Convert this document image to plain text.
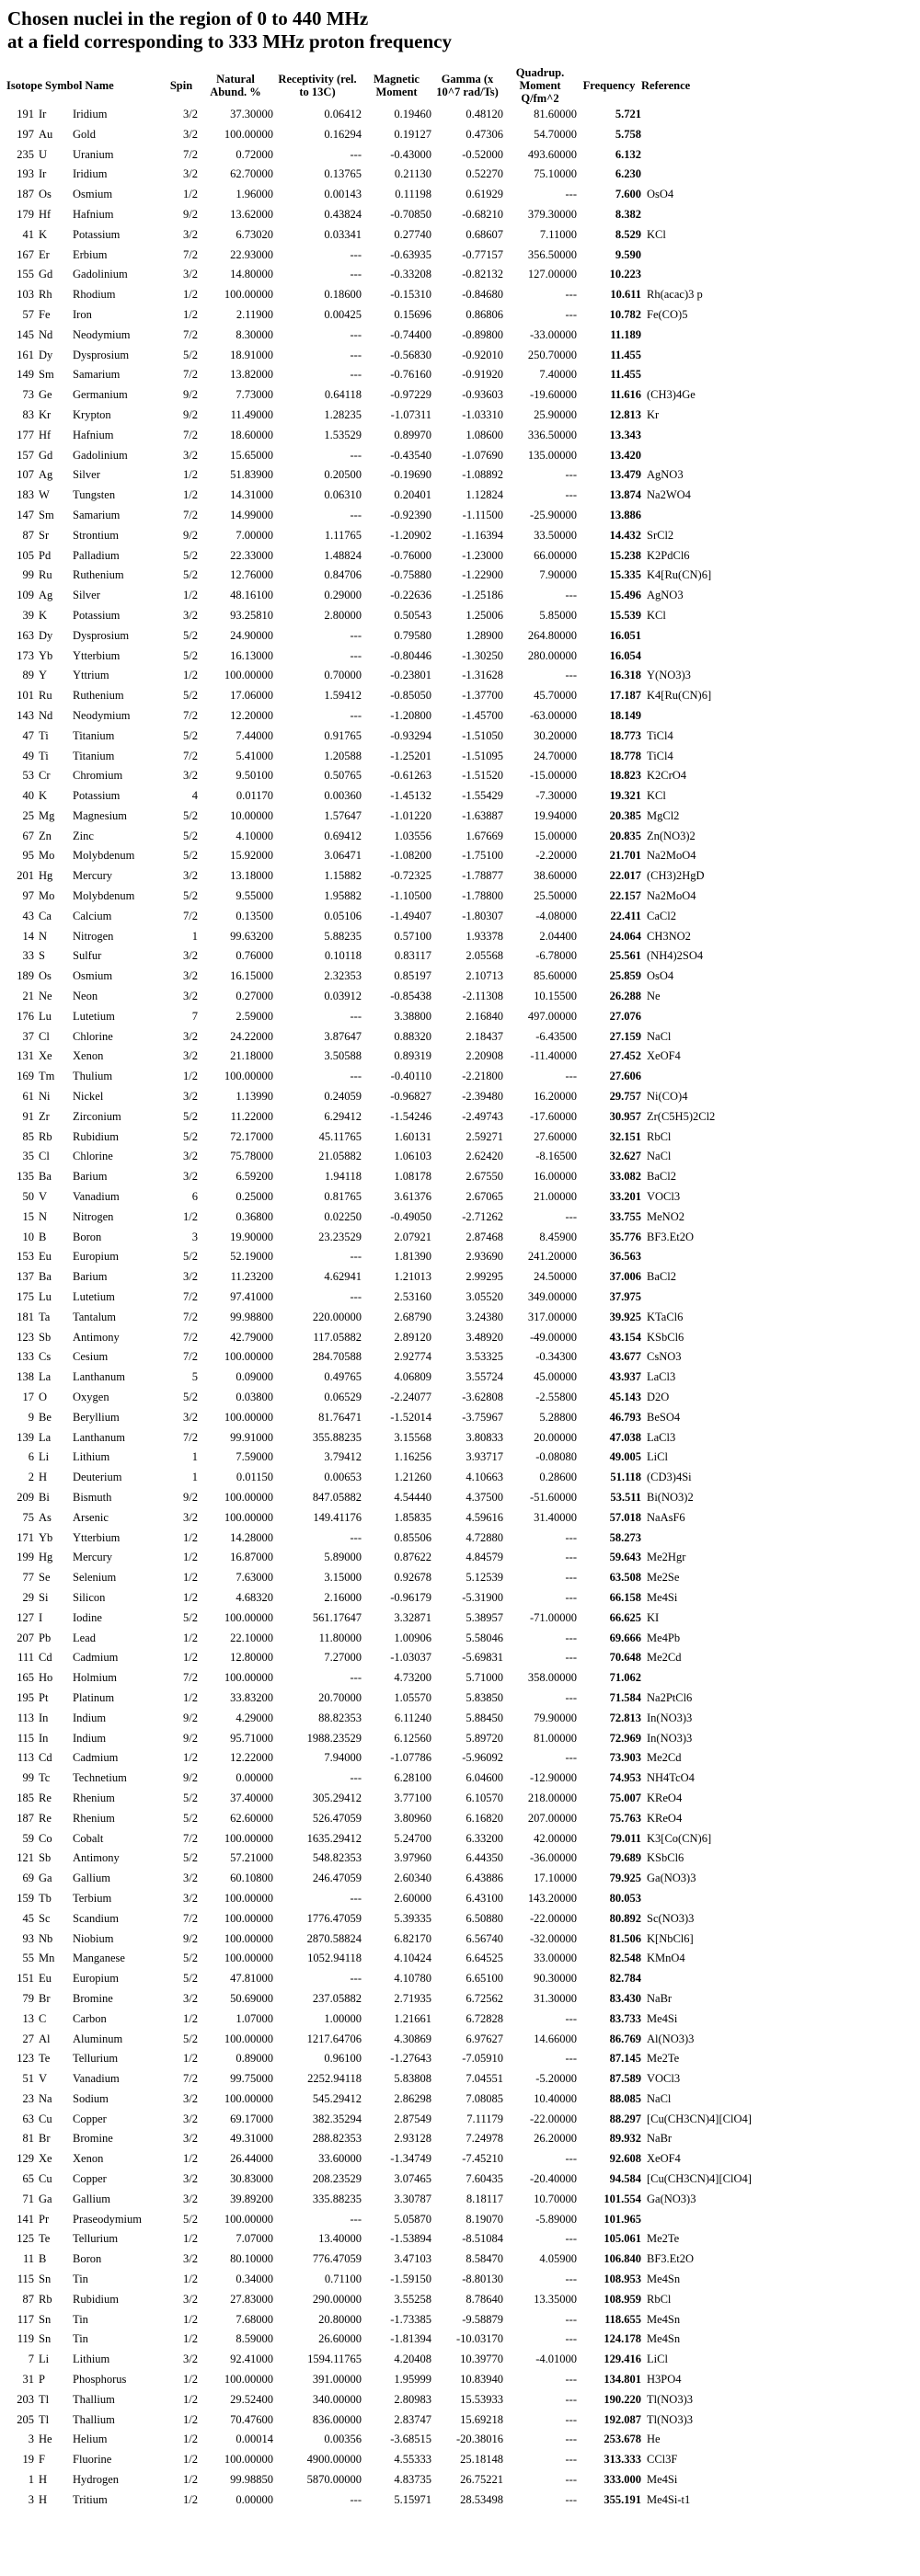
Chosen nuclei in the region of 0 to 440 MHz
at a field corresponding to 333 MHz proton frequency
Isotope Symbol Name		Spin	Natural Abund. %	Receptivity (rel. to 13C)	Magnetic Moment	Gamma (x 10^7 rad/Ts)	Quadrup. Moment Q/fm^2	Frequency	Reference
191 Ir	Iridium	3/2	37.30000	0.06412	0.19460	0.48120	81.60000	5.721	
197 Au	Gold	3/2	100.00000	0.16294	0.19127	0.47306	54.70000	5.758	
235 U	Uranium	7/2	0.72000	---	-0.43000	-0.52000	493.60000	6.132	
193 Ir	Iridium	3/2	62.70000	0.13765	0.21130	0.52270	75.10000	6.230	
187 Os	Osmium	1/2	1.96000	0.00143	0.11198	0.61929	---	7.600	OsO4
179 Hf	Hafnium	9/2	13.62000	0.43824	-0.70850	-0.68210	379.30000	8.382	
41 K	Potassium	3/2	6.73020	0.03341	0.27740	0.68607	7.11000	8.529	KCl
167 Er	Erbium	7/2	22.93000	---	-0.63935	-0.77157	356.50000	9.590	
155 Gd	Gadolinium	3/2	14.80000	---	-0.33208	-0.82132	127.00000	10.223	
103 Rh	Rhodium	1/2	100.00000	0.18600	-0.15310	-0.84680	---	10.611	Rh(acac)3 p
57 Fe	Iron	1/2	2.11900	0.00425	0.15696	0.86806	---	10.782	Fe(CO)5
145 Nd	Neodymium	7/2	8.30000	---	-0.74400	-0.89800	-33.00000	11.189	
161 Dy	Dysprosium	5/2	18.91000	---	-0.56830	-0.92010	250.70000	11.455	
149 Sm	Samarium	7/2	13.82000	---	-0.76160	-0.91920	7.40000	11.455	
73 Ge	Germanium	9/2	7.73000	0.64118	-0.97229	-0.93603	-19.60000	11.616	(CH3)4Ge
83 Kr	Krypton	9/2	11.49000	1.28235	-1.07311	-1.03310	25.90000	12.813	Kr
177 Hf	Hafnium	7/2	18.60000	1.53529	0.89970	1.08600	336.50000	13.343	
157 Gd	Gadolinium	3/2	15.65000	---	-0.43540	-1.07690	135.00000	13.420	
107 Ag	Silver	1/2	51.83900	0.20500	-0.19690	-1.08892	---	13.479	AgNO3
183 W	Tungsten	1/2	14.31000	0.06310	0.20401	1.12824	---	13.874	Na2WO4
147 Sm	Samarium	7/2	14.99000	---	-0.92390	-1.11500	-25.90000	13.886	
87 Sr	Strontium	9/2	7.00000	1.11765	-1.20902	-1.16394	33.50000	14.432	SrCl2
105 Pd	Palladium	5/2	22.33000	1.48824	-0.76000	-1.23000	66.00000	15.238	K2PdCl6
99 Ru	Ruthenium	5/2	12.76000	0.84706	-0.75880	-1.22900	7.90000	15.335	K4[Ru(CN)6]
109 Ag	Silver	1/2	48.16100	0.29000	-0.22636	-1.25186	---	15.496	AgNO3
39 K	Potassium	3/2	93.25810	2.80000	0.50543	1.25006	5.85000	15.539	KCl
163 Dy	Dysprosium	5/2	24.90000	---	0.79580	1.28900	264.80000	16.051	
173 Yb	Ytterbium	5/2	16.13000	---	-0.80446	-1.30250	280.00000	16.054	
89 Y	Yttrium	1/2	100.00000	0.70000	-0.23801	-1.31628	---	16.318	Y(NO3)3
101 Ru	Ruthenium	5/2	17.06000	1.59412	-0.85050	-1.37700	45.70000	17.187	K4[Ru(CN)6]
143 Nd	Neodymium	7/2	12.20000	---	-1.20800	-1.45700	-63.00000	18.149	
47 Ti	Titanium	5/2	7.44000	0.91765	-0.93294	-1.51050	30.20000	18.773	TiCl4
49 Ti	Titanium	7/2	5.41000	1.20588	-1.25201	-1.51095	24.70000	18.778	TiCl4
53 Cr	Chromium	3/2	9.50100	0.50765	-0.61263	-1.51520	-15.00000	18.823	K2CrO4
40 K	Potassium	4	0.01170	0.00360	-1.45132	-1.55429	-7.30000	19.321	KCl
25 Mg	Magnesium	5/2	10.00000	1.57647	-1.01220	-1.63887	19.94000	20.385	MgCl2
67 Zn	Zinc	5/2	4.10000	0.69412	1.03556	1.67669	15.00000	20.835	Zn(NO3)2
95 Mo	Molybdenum	5/2	15.92000	3.06471	-1.08200	-1.75100	-2.20000	21.701	Na2MoO4
201 Hg	Mercury	3/2	13.18000	1.15882	-0.72325	-1.78877	38.60000	22.017	(CH3)2HgD
97 Mo	Molybdenum	5/2	9.55000	1.95882	-1.10500	-1.78800	25.50000	22.157	Na2MoO4
43 Ca	Calcium	7/2	0.13500	0.05106	-1.49407	-1.80307	-4.08000	22.411	CaCl2
14 N	Nitrogen	1	99.63200	5.88235	0.57100	1.93378	2.04400	24.064	CH3NO2
33 S	Sulfur	3/2	0.76000	0.10118	0.83117	2.05568	-6.78000	25.561	(NH4)2SO4
189 Os	Osmium	3/2	16.15000	2.32353	0.85197	2.10713	85.60000	25.859	OsO4
21 Ne	Neon	3/2	0.27000	0.03912	-0.85438	-2.11308	10.15500	26.288	Ne
176 Lu	Lutetium	7	2.59000	---	3.38800	2.16840	497.00000	27.076	
37 Cl	Chlorine	3/2	24.22000	3.87647	0.88320	2.18437	-6.43500	27.159	NaCl
131 Xe	Xenon	3/2	21.18000	3.50588	0.89319	2.20908	-11.40000	27.452	XeOF4
169 Tm	Thulium	1/2	100.00000	---	-0.40110	-2.21800	---	27.606	
61 Ni	Nickel	3/2	1.13990	0.24059	-0.96827	-2.39480	16.20000	29.757	Ni(CO)4
91 Zr	Zirconium	5/2	11.22000	6.29412	-1.54246	-2.49743	-17.60000	30.957	Zr(C5H5)2Cl2
85 Rb	Rubidium	5/2	72.17000	45.11765	1.60131	2.59271	27.60000	32.151	RbCl
35 Cl	Chlorine	3/2	75.78000	21.05882	1.06103	2.62420	-8.16500	32.627	NaCl
135 Ba	Barium	3/2	6.59200	1.94118	1.08178	2.67550	16.00000	33.082	BaCl2
50 V	Vanadium	6	0.25000	0.81765	3.61376	2.67065	21.00000	33.201	VOCl3
15 N	Nitrogen	1/2	0.36800	0.02250	-0.49050	-2.71262	---	33.755	MeNO2
10 B	Boron	3	19.90000	23.23529	2.07921	2.87468	8.45900	35.776	BF3.Et2O
153 Eu	Europium	5/2	52.19000	---	1.81390	2.93690	241.20000	36.563	
137 Ba	Barium	3/2	11.23200	4.62941	1.21013	2.99295	24.50000	37.006	BaCl2
175 Lu	Lutetium	7/2	97.41000	---	2.53160	3.05520	349.00000	37.975	
181 Ta	Tantalum	7/2	99.98800	220.00000	2.68790	3.24380	317.00000	39.925	KTaCl6
123 Sb	Antimony	7/2	42.79000	117.05882	2.89120	3.48920	-49.00000	43.154	KSbCl6
133 Cs	Cesium	7/2	100.00000	284.70588	2.92774	3.53325	-0.34300	43.677	CsNO3
138 La	Lanthanum	5	0.09000	0.49765	4.06809	3.55724	45.00000	43.937	LaCl3
17 O	Oxygen	5/2	0.03800	0.06529	-2.24077	-3.62808	-2.55800	45.143	D2O
9 Be	Beryllium	3/2	100.00000	81.76471	-1.52014	-3.75967	5.28800	46.793	BeSO4
139 La	Lanthanum	7/2	99.91000	355.88235	3.15568	3.80833	20.00000	47.038	LaCl3
6 Li	Lithium	1	7.59000	3.79412	1.16256	3.93717	-0.08080	49.005	LiCl
2 H	Deuterium	1	0.01150	0.00653	1.21260	4.10663	0.28600	51.118	(CD3)4Si
209 Bi	Bismuth	9/2	100.00000	847.05882	4.54440	4.37500	-51.60000	53.511	Bi(NO3)2
75 As	Arsenic	3/2	100.00000	149.41176	1.85835	4.59616	31.40000	57.018	NaAsF6
171 Yb	Ytterbium	1/2	14.28000	---	0.85506	4.72880	---	58.273	
199 Hg	Mercury	1/2	16.87000	5.89000	0.87622	4.84579	---	59.643	Me2Hgr
77 Se	Selenium	1/2	7.63000	3.15000	0.92678	5.12539	---	63.508	Me2Se
29 Si	Silicon	1/2	4.68320	2.16000	-0.96179	-5.31900	---	66.158	Me4Si
127 I	Iodine	5/2	100.00000	561.17647	3.32871	5.38957	-71.00000	66.625	KI
207 Pb	Lead	1/2	22.10000	11.80000	1.00906	5.58046	---	69.666	Me4Pb
111 Cd	Cadmium	1/2	12.80000	7.27000	-1.03037	-5.69831	---	70.648	Me2Cd
165 Ho	Holmium	7/2	100.00000	---	4.73200	5.71000	358.00000	71.062	
195 Pt	Platinum	1/2	33.83200	20.70000	1.05570	5.83850	---	71.584	Na2PtCl6
113 In	Indium	9/2	4.29000	88.82353	6.11240	5.88450	79.90000	72.813	In(NO3)3
115 In	Indium	9/2	95.71000	1988.23529	6.12560	5.89720	81.00000	72.969	In(NO3)3
113 Cd	Cadmium	1/2	12.22000	7.94000	-1.07786	-5.96092	---	73.903	Me2Cd
99 Tc	Technetium	9/2	0.00000	---	6.28100	6.04600	-12.90000	74.953	NH4TcO4
185 Re	Rhenium	5/2	37.40000	305.29412	3.77100	6.10570	218.00000	75.007	KReO4
187 Re	Rhenium	5/2	62.60000	526.47059	3.80960	6.16820	207.00000	75.763	KReO4
59 Co	Cobalt	7/2	100.00000	1635.29412	5.24700	6.33200	42.00000	79.011	K3[Co(CN)6]
121 Sb	Antimony	5/2	57.21000	548.82353	3.97960	6.44350	-36.00000	79.689	KSbCl6
69 Ga	Gallium	3/2	60.10800	246.47059	2.60340	6.43886	17.10000	79.925	Ga(NO3)3
159 Tb	Terbium	3/2	100.00000	---	2.60000	6.43100	143.20000	80.053	
45 Sc	Scandium	7/2	100.00000	1776.47059	5.39335	6.50880	-22.00000	80.892	Sc(NO3)3
93 Nb	Niobium	9/2	100.00000	2870.58824	6.82170	6.56740	-32.00000	81.506	K[NbCl6]
55 Mn	Manganese	5/2	100.00000	1052.94118	4.10424	6.64525	33.00000	82.548	KMnO4
151 Eu	Europium	5/2	47.81000	---	4.10780	6.65100	90.30000	82.784	
79 Br	Bromine	3/2	50.69000	237.05882	2.71935	6.72562	31.30000	83.430	NaBr
13 C	Carbon	1/2	1.07000	1.00000	1.21661	6.72828	---	83.733	Me4Si
27 Al	Aluminum	5/2	100.00000	1217.64706	4.30869	6.97627	14.66000	86.769	Al(NO3)3
123 Te	Tellurium	1/2	0.89000	0.96100	-1.27643	-7.05910	---	87.145	Me2Te
51 V	Vanadium	7/2	99.75000	2252.94118	5.83808	7.04551	-5.20000	87.589	VOCl3
23 Na	Sodium	3/2	100.00000	545.29412	2.86298	7.08085	10.40000	88.085	NaCl
63 Cu	Copper	3/2	69.17000	382.35294	2.87549	7.11179	-22.00000	88.297	[Cu(CH3CN)4][ClO4]
81 Br	Bromine	3/2	49.31000	288.82353	2.93128	7.24978	26.20000	89.932	NaBr
129 Xe	Xenon	1/2	26.44000	33.60000	-1.34749	-7.45210	---	92.608	XeOF4
65 Cu	Copper	3/2	30.83000	208.23529	3.07465	7.60435	-20.40000	94.584	[Cu(CH3CN)4][ClO4]
71 Ga	Gallium	3/2	39.89200	335.88235	3.30787	8.18117	10.70000	101.554	Ga(NO3)3
141 Pr	Praseodymium	5/2	100.00000	---	5.05870	8.19070	-5.89000	101.965	
125 Te	Tellurium	1/2	7.07000	13.40000	-1.53894	-8.51084	---	105.061	Me2Te
11 B	Boron	3/2	80.10000	776.47059	3.47103	8.58470	4.05900	106.840	BF3.Et2O
115 Sn	Tin	1/2	0.34000	0.71100	-1.59150	-8.80130	---	108.953	Me4Sn
87 Rb	Rubidium	3/2	27.83000	290.00000	3.55258	8.78640	13.35000	108.959	RbCl
117 Sn	Tin	1/2	7.68000	20.80000	-1.73385	-9.58879	---	118.655	Me4Sn
119 Sn	Tin	1/2	8.59000	26.60000	-1.81394	-10.03170	---	124.178	Me4Sn
7 Li	Lithium	3/2	92.41000	1594.11765	4.20408	10.39770	-4.01000	129.416	LiCl
31 P	Phosphorus	1/2	100.00000	391.00000	1.95999	10.83940	---	134.801	H3PO4
203 Tl	Thallium	1/2	29.52400	340.00000	2.80983	15.53933	---	190.220	Tl(NO3)3
205 Tl	Thallium	1/2	70.47600	836.00000	2.83747	15.69218	---	192.087	Tl(NO3)3
3 He	Helium	1/2	0.00014	0.00356	-3.68515	-20.38016	---	253.678	He
19 F	Fluorine	1/2	100.00000	4900.00000	4.55333	25.18148	---	313.333	CCl3F
1 H	Hydrogen	1/2	99.98850	5870.00000	4.83735	26.75221	---	333.000	Me4Si
3 H	Tritium	1/2	0.00000	---	5.15971	28.53498	---	355.191	Me4Si-t1
